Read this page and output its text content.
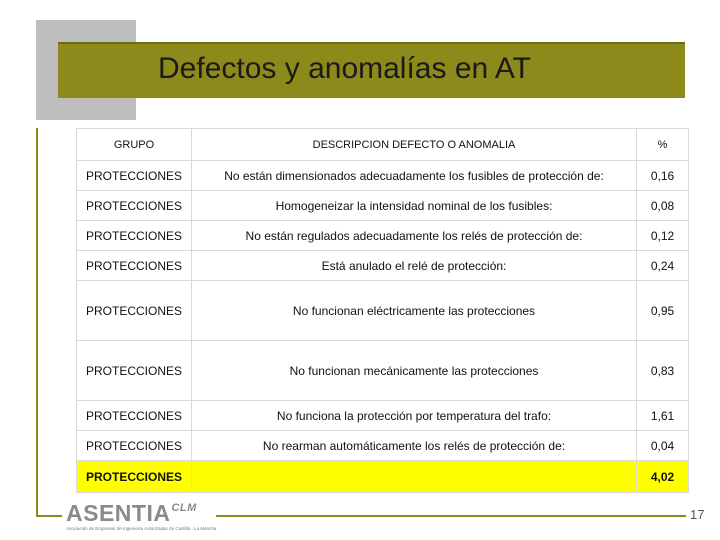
Defectos y anomalías en AT
GRUPO	DESCRIPCION DEFECTO O ANOMALIA	%
PROTECCIONES	No están dimensionados adecuadamente los fusibles de protección de:	0,16
PROTECCIONES	Homogeneizar la intensidad nominal de los fusibles:	0,08
PROTECCIONES	No están regulados adecuadamente los relés de protección de:	0,12
PROTECCIONES	Está anulado el relé de protección:	0,24
PROTECCIONES	No funcionan eléctricamente las protecciones	0,95
PROTECCIONES	No funcionan mecánicamente las protecciones	0,83
PROTECCIONES	No funciona la protección por temperatura del trafo:	1,61
PROTECCIONES	No rearman automáticamente los relés de protección de:	0,04
PROTECCIONES		4,02
$ASENTIA^{CLM}$
Asociación de Empresas de Ingeniería Autorizadas de Castilla - La Mancha
17
